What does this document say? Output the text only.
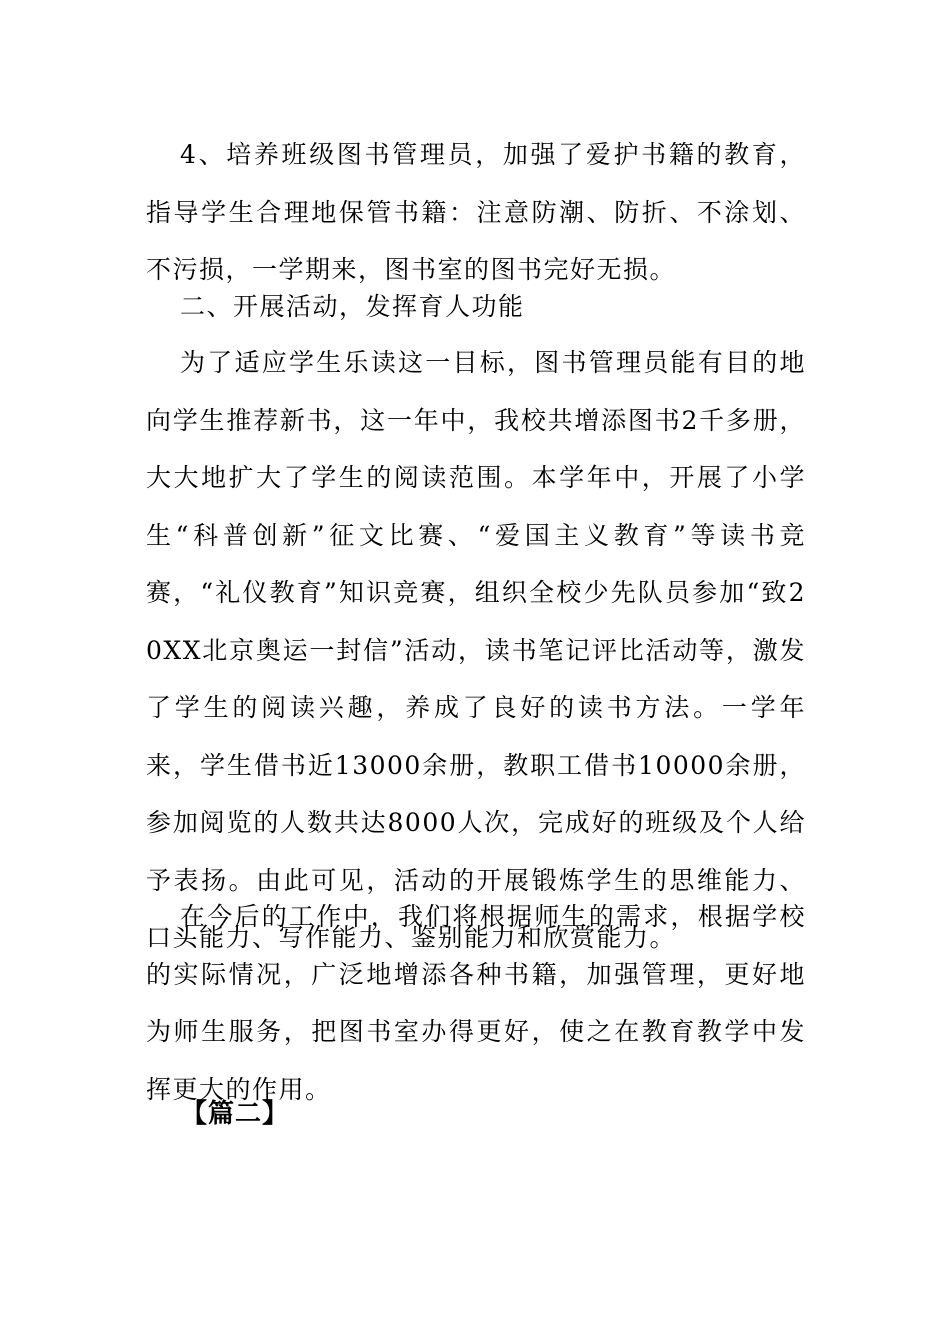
4、培养班级图书管理员，加强了爱护书籍的教育，指导学生合理地保管书籍：注意防潮、防折、不涂划、不污损，一学期来，图书室的图书完好无损。

二、开展活动，发挥育人功能

为了适应学生乐读这一目标，图书管理员能有目的地向学生推荐新书，这一年中，我校共增添图书2千多册，大大地扩大了学生的阅读范围。本学年中，开展了小学生“科普创新”征文比赛、“爱国主义教育”等读书竞赛，“礼仪教育”知识竞赛，组织全校少先队员参加“致20XX北京奥运一封信”活动，读书笔记评比活动等，激发了学生的阅读兴趣，养成了良好的读书方法。一学年来，学生借书近13000余册，教职工借书10000余册，参加阅览的人数共达8000人次，完成好的班级及个人给予表扬。由此可见，活动的开展锻炼学生的思维能力、口头能力、写作能力、鉴别能力和欣赏能力。

在今后的工作中，我们将根据师生的需求，根据学校的实际情况，广泛地增添各种书籍，加强管理，更好地为师生服务，把图书室办得更好，使之在教育教学中发挥更大的作用。

【篇二】
